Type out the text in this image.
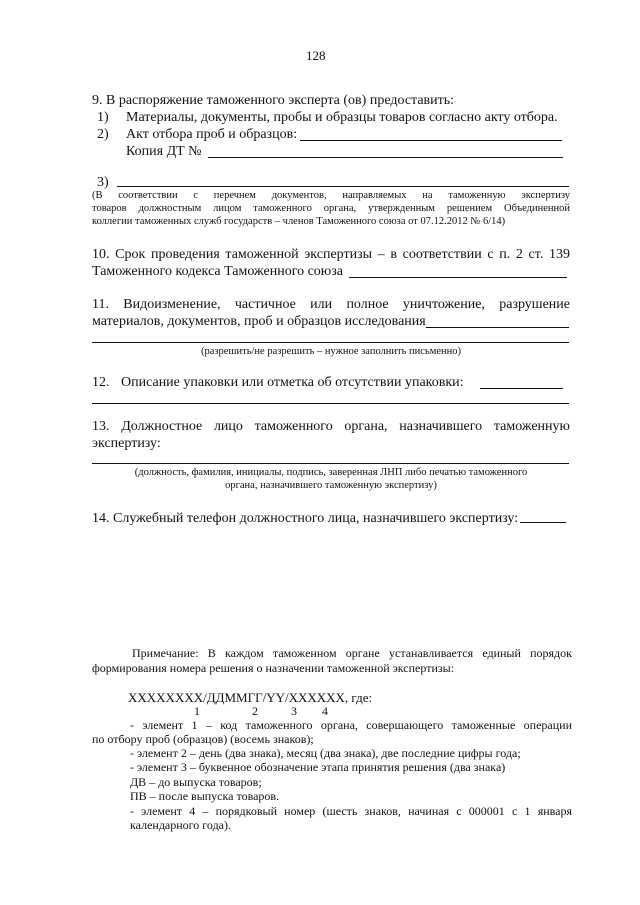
128
9. В распоряжение таможенного эксперта (ов) предоставить:
1) Материалы, документы, пробы и образцы товаров согласно акту отбора.
2) Акт отбора проб и образцов:
Копия ДТ №
3)
(В соответствии с перечнем документов, направляемых на таможенную экспертизу
товаров должностным лицом таможенного органа, утвержденным решением Объединенной
коллегии таможенных служб государств – членов Таможенного союза от 07.12.2012 № 6/14)
10. Срок проведения таможенной экспертизы – в соответствии с п. 2 ст. 139
Таможенного кодекса Таможенного союза
11. Видоизменение, частичное или полное уничтожение, разрушение
материалов, документов, проб и образцов исследования
(разрешить/не разрешить – нужное заполнить письменно)
12. Описание упаковки или отметка об отсутствии упаковки:
13. Должностное лицо таможенного органа, назначившего таможенную
экспертизу:
(должность, фамилия, инициалы, подпись, заверенная ЛНП либо печатью таможенного
органа, назначившего таможенную экспертизу)
14. Служебный телефон должностного лица, назначившего экспертизу:
Примечание: В каждом таможенном органе устанавливается единый порядок
формирования номера решения о назначении таможенной экспертизы:
XXXXXXXX/ДДММГГ/YY/XXXXXX, где:
1	2	3 4
- элемент 1 – код таможенного органа, совершающего таможенные операции
по отбору проб (образцов) (восемь знаков);
- элемент 2 – день (два знака), месяц (два знака), две последние цифры года;
- элемент 3 – буквенное обозначение этапа принятия решения (два знака)
ДВ – до выпуска товаров;
ПВ – после выпуска товаров.
- элемент 4 – порядковый номер (шесть знаков, начиная с 000001 с 1 января
календарного года).
